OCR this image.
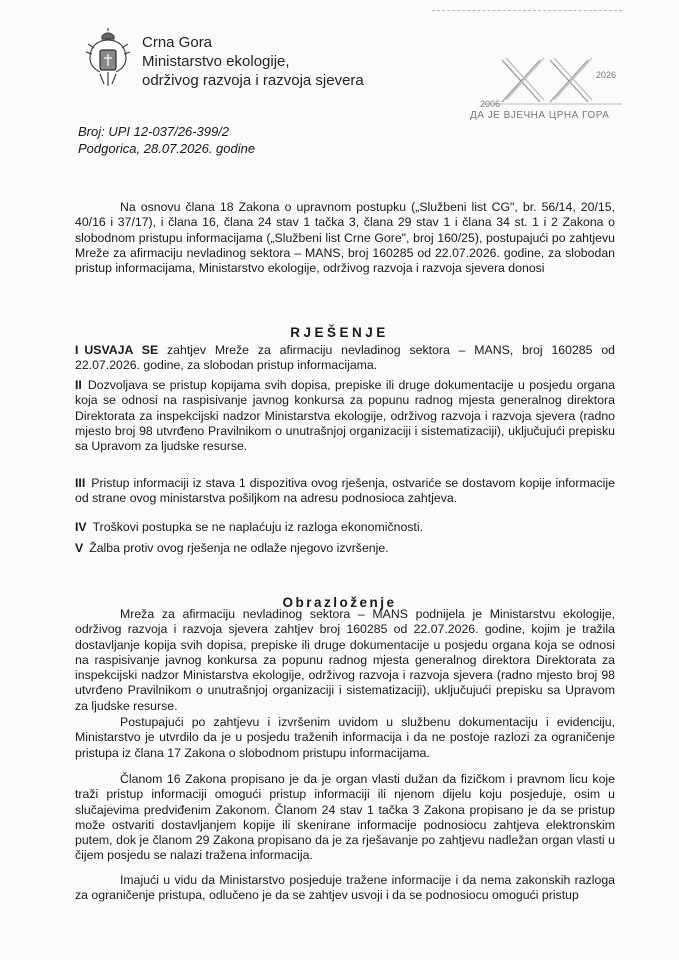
Crna Gora
Ministarstvo ekologije,
održivog razvoja i razvoja sjevera
2006
2026
ДА ЈЕ ВЈЕЧНА ЦРНА ГОРА
Broj: UPI 12-037/26-399/2
Podgorica, 28.07.2026. godine
Na osnovu člana 18 Zakona o upravnom postupku („Službeni list CG", br. 56/14, 20/15, 40/16 i 37/17), i člana 16, člana 24 stav 1 tačka 3, člana 29 stav 1 i člana 34 st. 1 i 2 Zakona o slobodnom pristupu informacijama („Službeni list Crne Gore", broj 160/25), postupajući po zahtjevu Mreže za afirmaciju nevladinog sektora – MANS, broj 160285 od 22.07.2026. godine, za slobodan pristup informacijama, Ministarstvo ekologije, održivog razvoja i razvoja sjevera donosi
RJEŠENJE
I USVAJA SE zahtjev Mreže za afirmaciju nevladinog sektora – MANS, broj 160285 od 22.07.2026. godine, za slobodan pristup informacijama.
II Dozvoljava se pristup kopijama svih dopisa, prepiske ili druge dokumentacije u posjedu organa koja se odnosi na raspisivanje javnog konkursa za popunu radnog mjesta generalnog direktora Direktorata za inspekcijski nadzor Ministarstva ekologije, održivog razvoja i razvoja sjevera (radno mjesto broj 98 utvrđeno Pravilnikom o unutrašnjoj organizaciji i sistematizaciji), uključujući prepisku sa Upravom za ljudske resurse.
III Pristup informaciji iz stava 1 dispozitiva ovog rješenja, ostvariće se dostavom kopije informacije od strane ovog ministarstva pošiljkom na adresu podnosioca zahtjeva.
IV Troškovi postupka se ne naplaćuju iz razloga ekonomičnosti.
V Žalba protiv ovog rješenja ne odlaže njegovo izvršenje.
Obrazloženje
Mreža za afirmaciju nevladinog sektora – MANS podnijela je Ministarstvu ekologije, održivog razvoja i razvoja sjevera zahtjev broj 160285 od 22.07.2026. godine, kojim je tražila dostavljanje kopija svih dopisa, prepiske ili druge dokumentacije u posjedu organa koja se odnosi na raspisivanje javnog konkursa za popunu radnog mjesta generalnog direktora Direktorata za inspekcijski nadzor Ministarstva ekologije, održivog razvoja i razvoja sjevera (radno mjesto broj 98 utvrđeno Pravilnikom o unutrašnjoj organizaciji i sistematizaciji), uključujući prepisku sa Upravom za ljudske resurse.
Postupajući po zahtjevu i izvršenim uvidom u službenu dokumentaciju i evidenciju, Ministarstvo je utvrdilo da je u posjedu traženih informacija i da ne postoje razlozi za ograničenje pristupa iz člana 17 Zakona o slobodnom pristupu informacijama.
Članom 16 Zakona propisano je da je organ vlasti dužan da fizičkom i pravnom licu koje traži pristup informaciji omogući pristup informaciji ili njenom dijelu koju posjeduje, osim u slučajevima predviđenim Zakonom. Članom 24 stav 1 tačka 3 Zakona propisano je da se pristup može ostvariti dostavljanjem kopije ili skenirane informacije podnosiocu zahtjeva elektronskim putem, dok je članom 29 Zakona propisano da je za rješavanje po zahtjevu nadležan organ vlasti u čijem posjedu se nalazi tražena informacija.
Imajući u vidu da Ministarstvo posjeduje tražene informacije i da nema zakonskih razloga za ograničenje pristupa, odlučeno je da se zahtjev usvoji i da se podnosiocu omogući pristup
